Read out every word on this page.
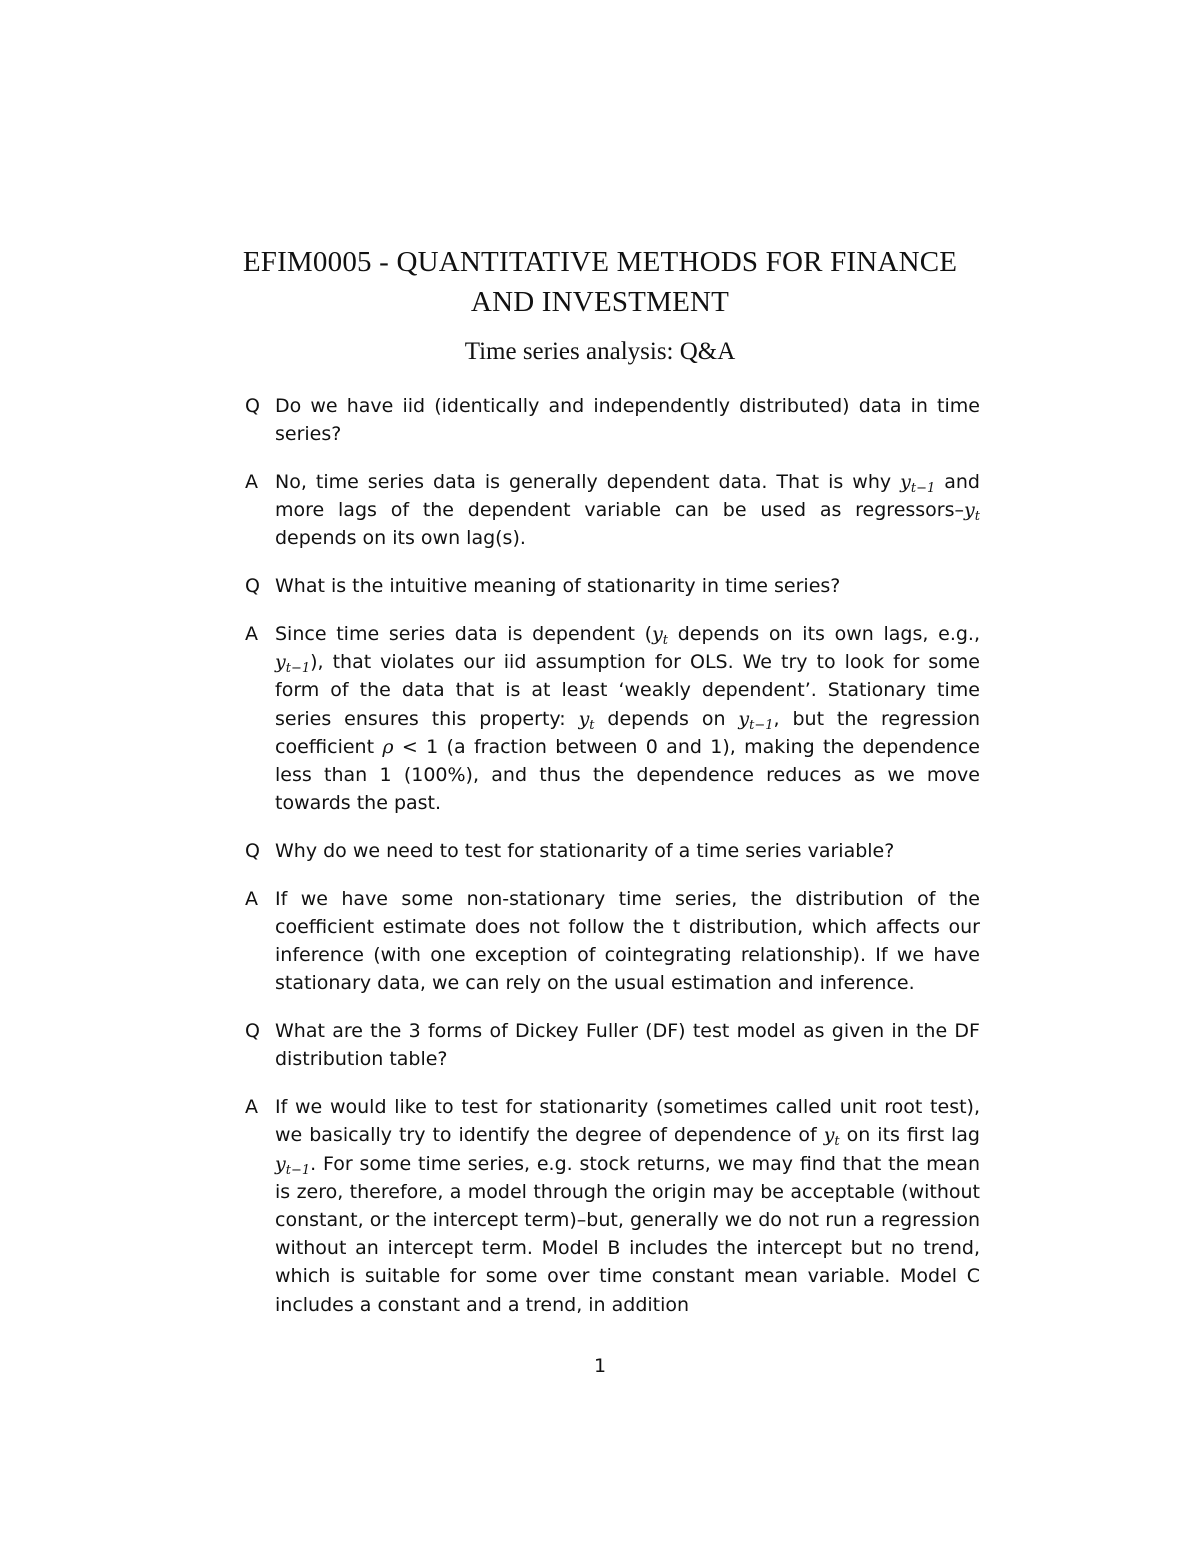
EFIM0005 - QUANTITATIVE METHODS FOR FINANCE
AND INVESTMENT
Time series analysis: Q&A
Q Do we have iid (identically and independently distributed) data in time series?
A No, time series data is generally dependent data. That is why $y_{t-1}$ and more lags of the dependent variable can be used as regressors–$y_t$ depends on its own lag(s).
Q What is the intuitive meaning of stationarity in time series?
A Since time series data is dependent ($y_t$ depends on its own lags, e.g., $y_{t-1}$), that violates our iid assumption for OLS. We try to look for some form of the data that is at least ‘weakly dependent’. Stationary time series ensures this property: $y_t$ depends on $y_{t-1}$, but the regression coefficient ρ < 1 (a fraction between 0 and 1), making the dependence less than 1 (100%), and thus the dependence reduces as we move towards the past.
Q Why do we need to test for stationarity of a time series variable?
A If we have some non-stationary time series, the distribution of the coefficient estimate does not follow the t distribution, which affects our inference (with one exception of cointegrating relationship). If we have stationary data, we can rely on the usual estimation and inference.
Q What are the 3 forms of Dickey Fuller (DF) test model as given in the DF distribution table?
A If we would like to test for stationarity (sometimes called unit root test), we basically try to identify the degree of dependence of $y_t$ on its first lag $y_{t-1}$. For some time series, e.g. stock returns, we may find that the mean is zero, therefore, a model through the origin may be acceptable (without constant, or the intercept term)–but, generally we do not run a regression without an intercept term. Model B includes the intercept but no trend, which is suitable for some over time constant mean variable. Model C includes a constant and a trend, in addition
1
